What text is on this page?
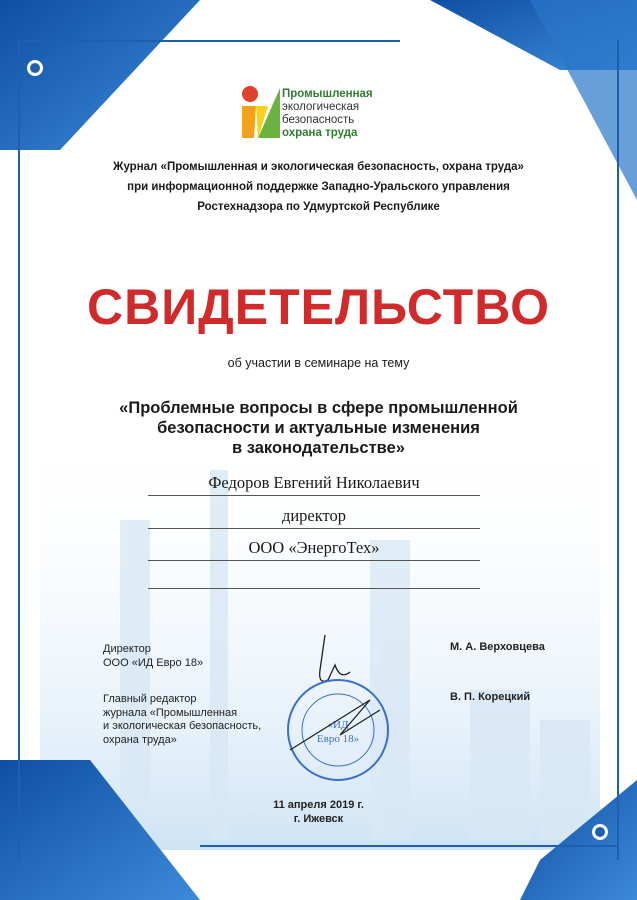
Промышленная
экологическая
безопасность
охрана труда
Журнал «Промышленная и экологическая безопасность, охрана труда»
при информационной поддержке Западно-Уральского управления
Ростехнадзора по Удмуртской Республике
СВИДЕТЕЛЬСТВО
об участии в семинаре на тему
«Проблемные вопросы в сфере промышленной
безопасности и актуальные изменения
в законодательстве»
Федоров Евгений Николаевич
директор
ООО «ЭнергоТех»
Директор
ООО «ИД Евро 18»
М. А. Верховцева
Главный редактор
журнала «Промышленная
и экологическая безопасность,
охрана труда»
В. П. Корецкий
«ИД
Евро 18»
11 апреля 2019 г.
г. Ижевск
